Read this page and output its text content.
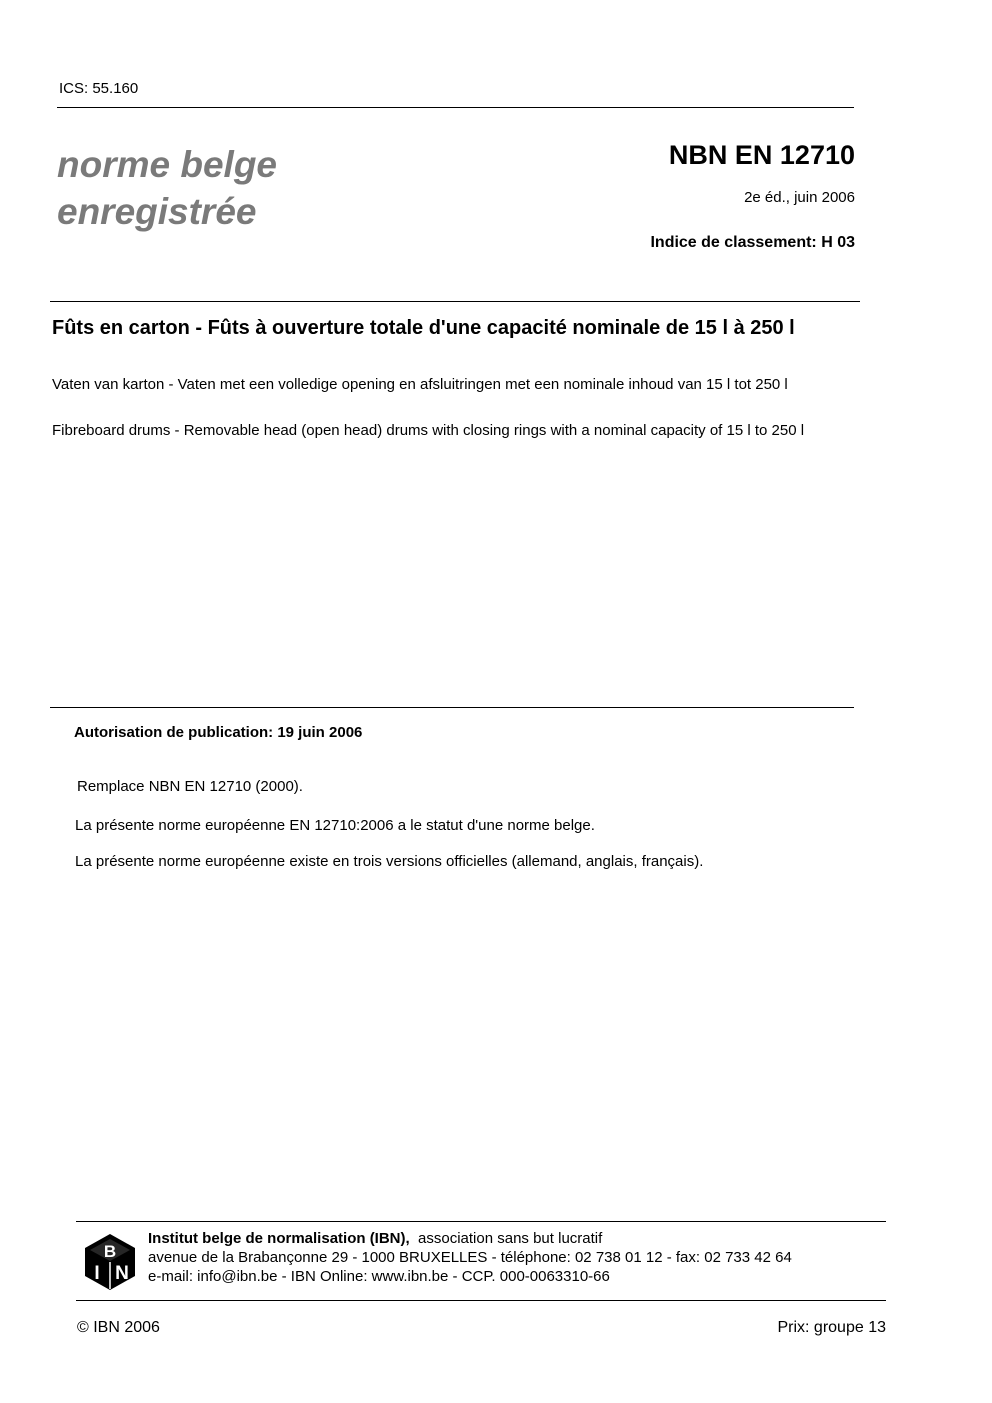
ICS: 55.160
norme belge
enregistrée
NBN EN 12710
2e éd., juin 2006
Indice de classement: H 03
Fûts en carton - Fûts à ouverture totale d'une capacité nominale de 15 l à 250 l
Vaten van karton - Vaten met een volledige opening en afsluitringen met een nominale inhoud van 15 l tot 250 l
Fibreboard drums - Removable head (open head) drums with closing rings with a nominal capacity of 15 l to 250 l
Autorisation de publication: 19 juin 2006
Remplace NBN EN 12710 (2000).
La présente norme européenne EN 12710:2006 a le statut d'une norme belge.
La présente norme européenne existe en trois versions officielles (allemand, anglais, français).
I
B
N
Institut belge de normalisation (IBN), association sans but lucratif
avenue de la Brabançonne 29 - 1000 BRUXELLES - téléphone: 02 738 01 12 - fax: 02 733 42 64
e-mail: info@ibn.be - IBN Online: www.ibn.be - CCP. 000-0063310-66
© IBN 2006	Prix: groupe 13
